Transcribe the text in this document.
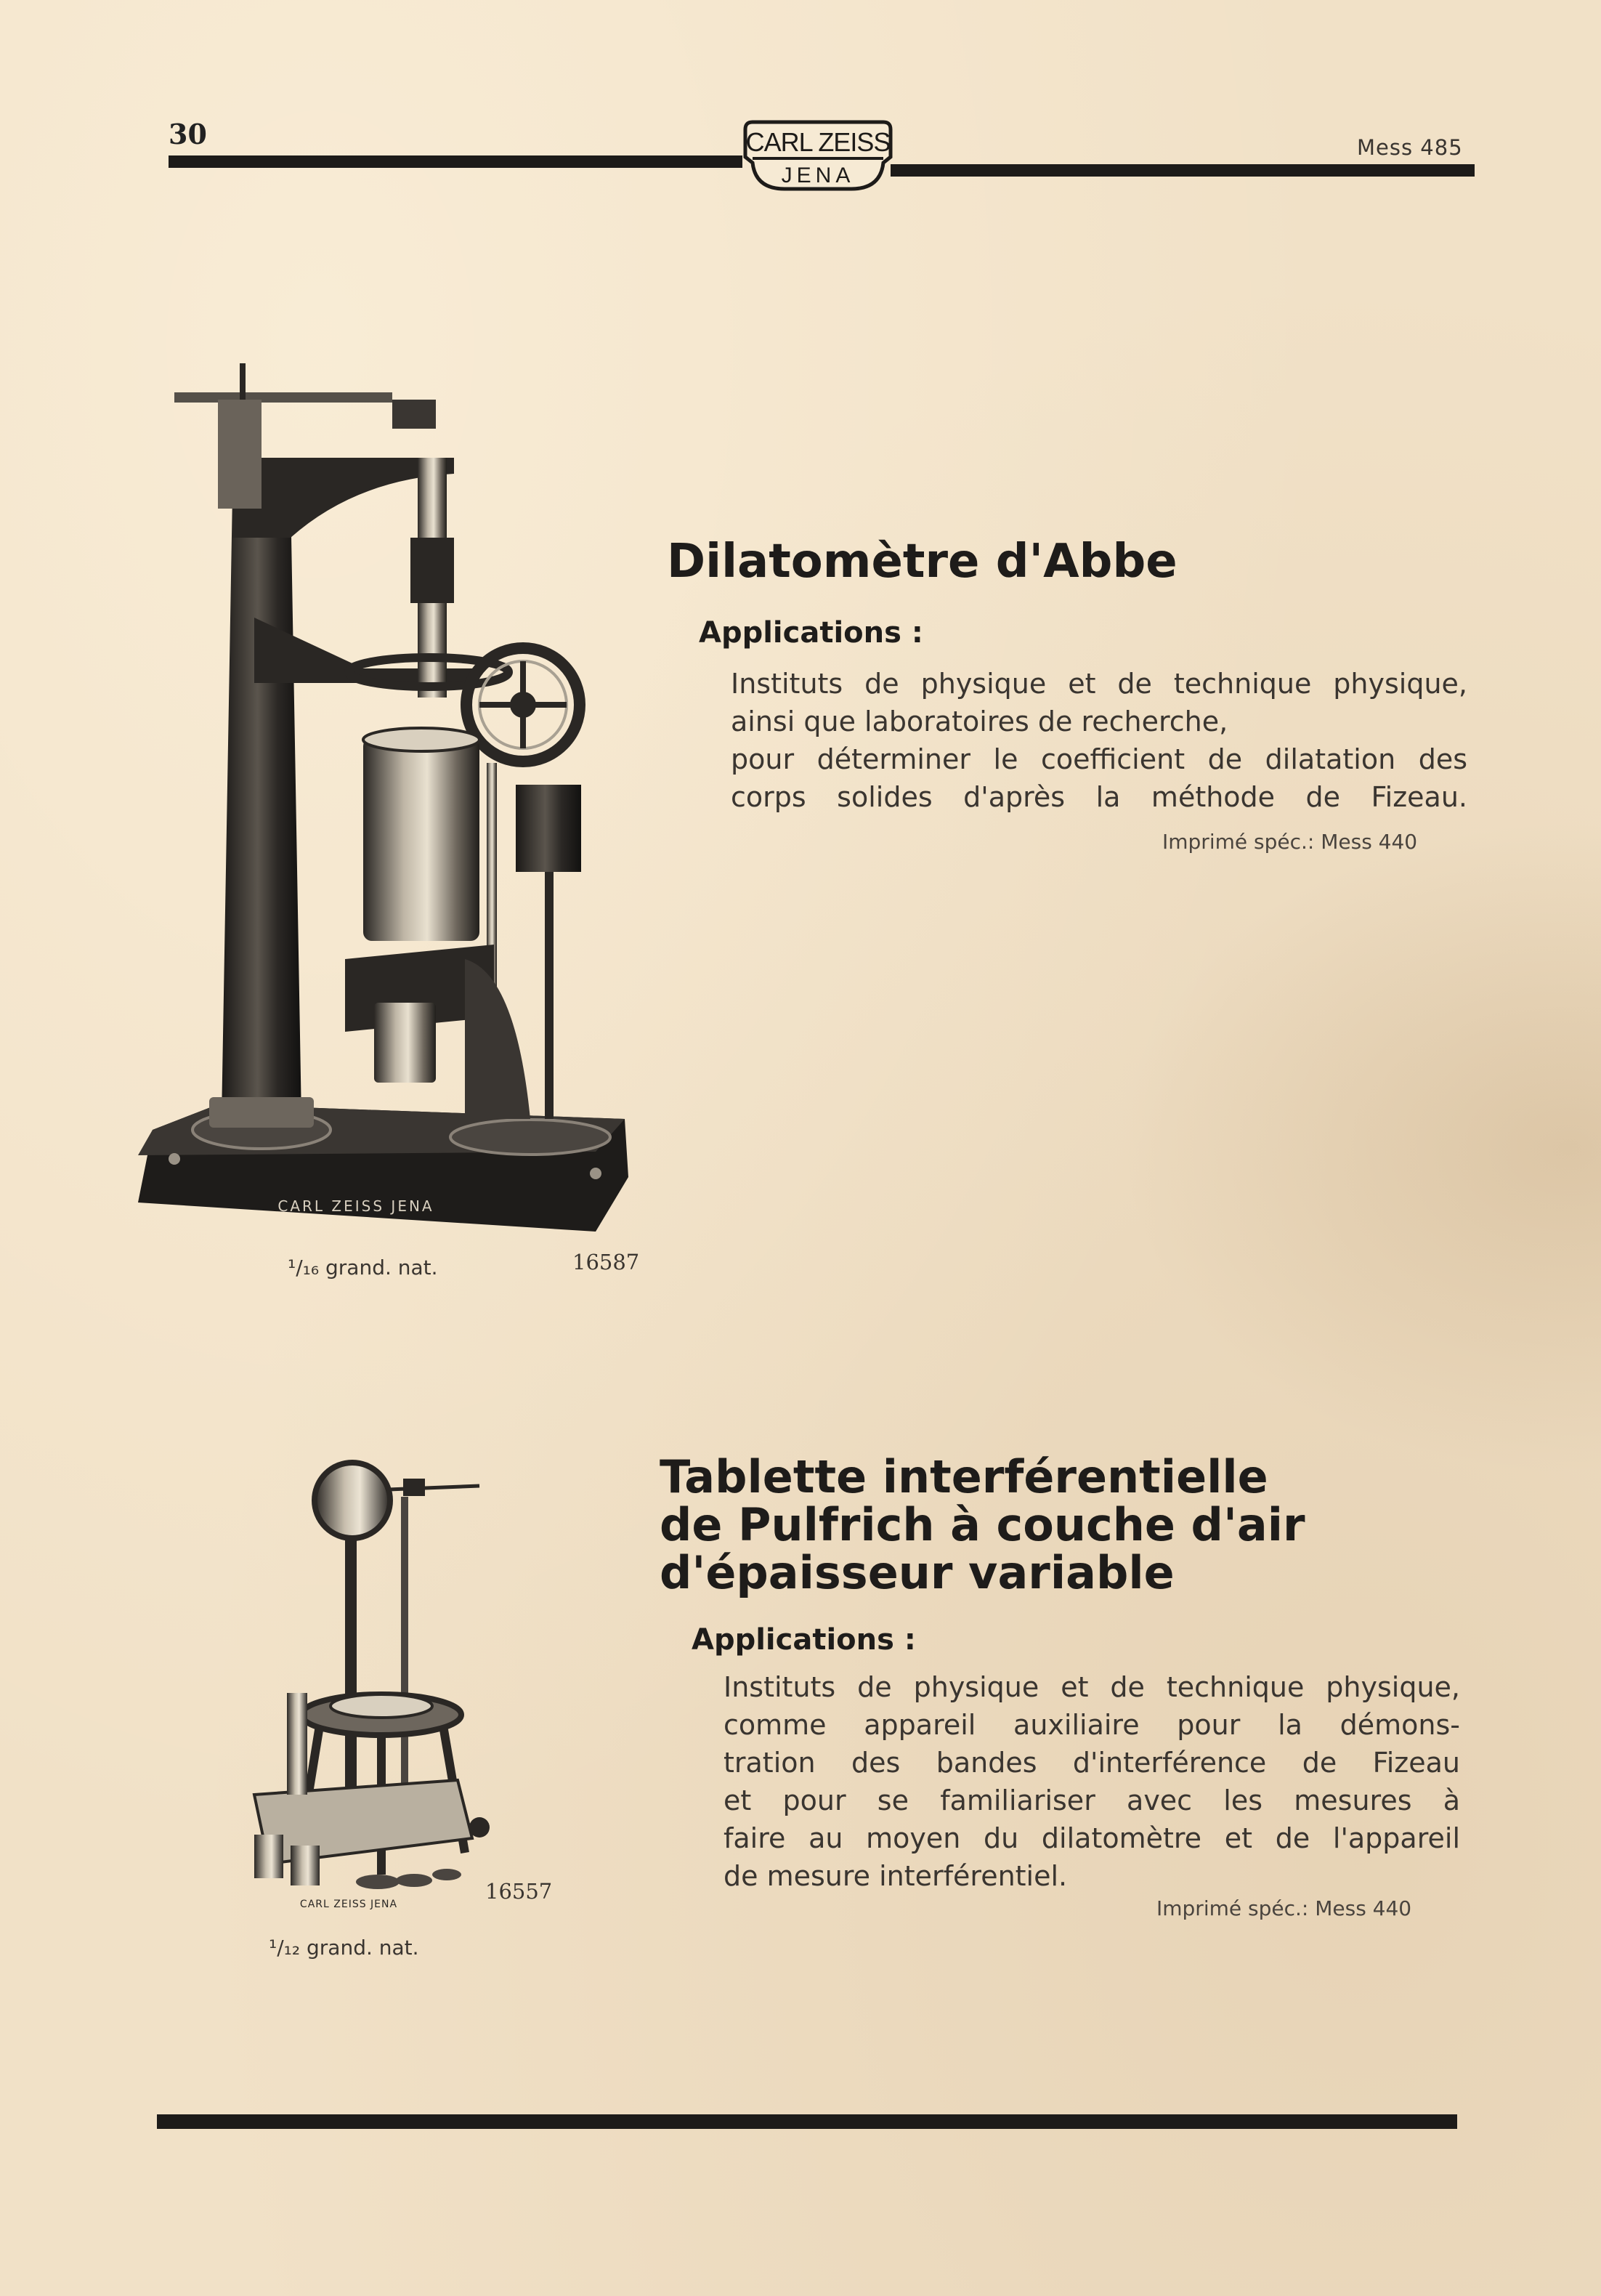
30	CARL ZEISS
JENA
Mess 485
CARL ZEISS JENA
¹/₁₆ grand. nat.	16587
Dilatomètre d'Abbe
Applications :
Instituts de physique et de technique physique,
ainsi que laboratoires de recherche,
pour déterminer le coefficient de dilatation des
corps solides d'après la méthode de Fizeau.
Imprimé spéc.: Mess 440
CARL ZEISS JENA
16557
¹/₁₂ grand. nat.
Tablette interférentielle
de Pulfrich à couche d'air
d'épaisseur variable
Applications :
Instituts de physique et de technique physique,
comme appareil auxiliaire pour la démons-
tration des bandes d'interférence de Fizeau
et pour se familiariser avec les mesures à
faire au moyen du dilatomètre et de l'appareil
de mesure interférentiel.
Imprimé spéc.: Mess 440
